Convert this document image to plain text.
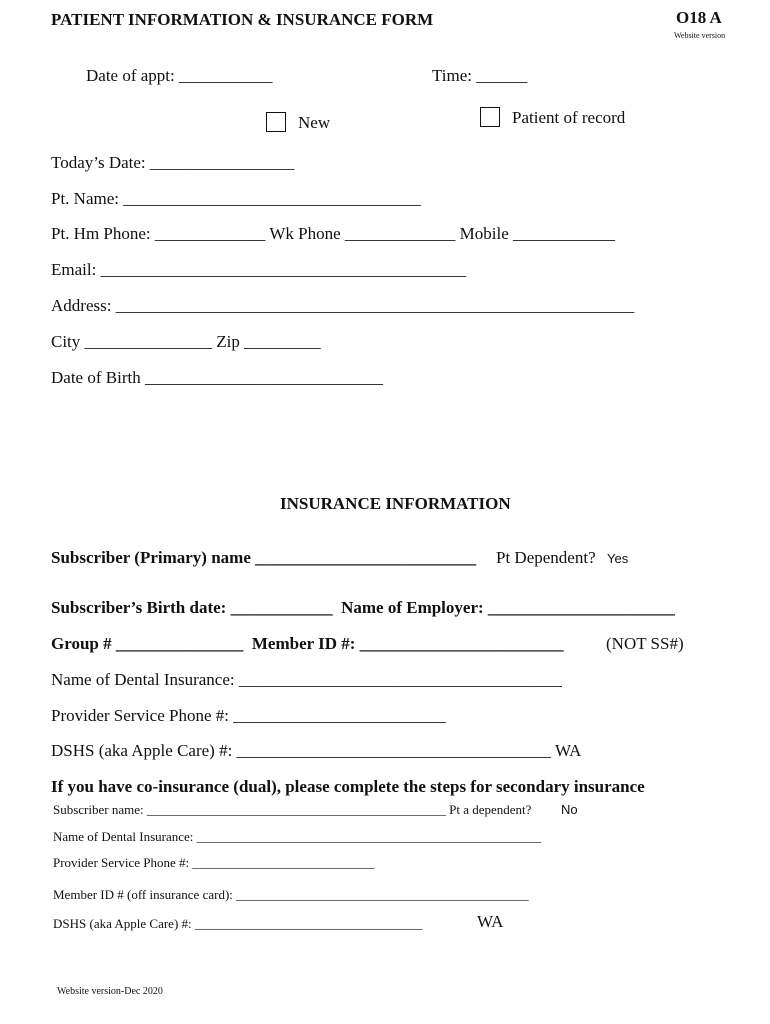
PATIENT INFORMATION & INSURANCE FORM	O18 A
Website version
Date of appt: ___________	Time: ______
New	Patient of record
Today’s Date: _________________
Pt. Name: ___________________________________
Pt. Hm Phone: _____________ Wk Phone _____________ Mobile ____________
Email: ___________________________________________
Address: _____________________________________________________________
City _______________ Zip _________
Date of Birth ____________________________
INSURANCE INFORMATION
Subscriber (Primary) name __________________________ Pt Dependent? Yes
Subscriber’s Birth date: ____________  Name of Employer: ______________________
Group # _______________  Member ID #: ________________________ (NOT SS#)
Name of Dental Insurance: ______________________________________
Provider Service Phone #: _________________________
DSHS (aka Apple Care) #: _____________________________________ WA
If you have co-insurance (dual), please complete the steps for secondary insurance
Subscriber name: ______________________________________________ Pt a dependent? No
Name of Dental Insurance: _____________________________________________________
Provider Service Phone #: ____________________________
Member ID # (off insurance card): _____________________________________________
DSHS (aka Apple Care) #: ___________________________________	WA
Website version-Dec 2020
